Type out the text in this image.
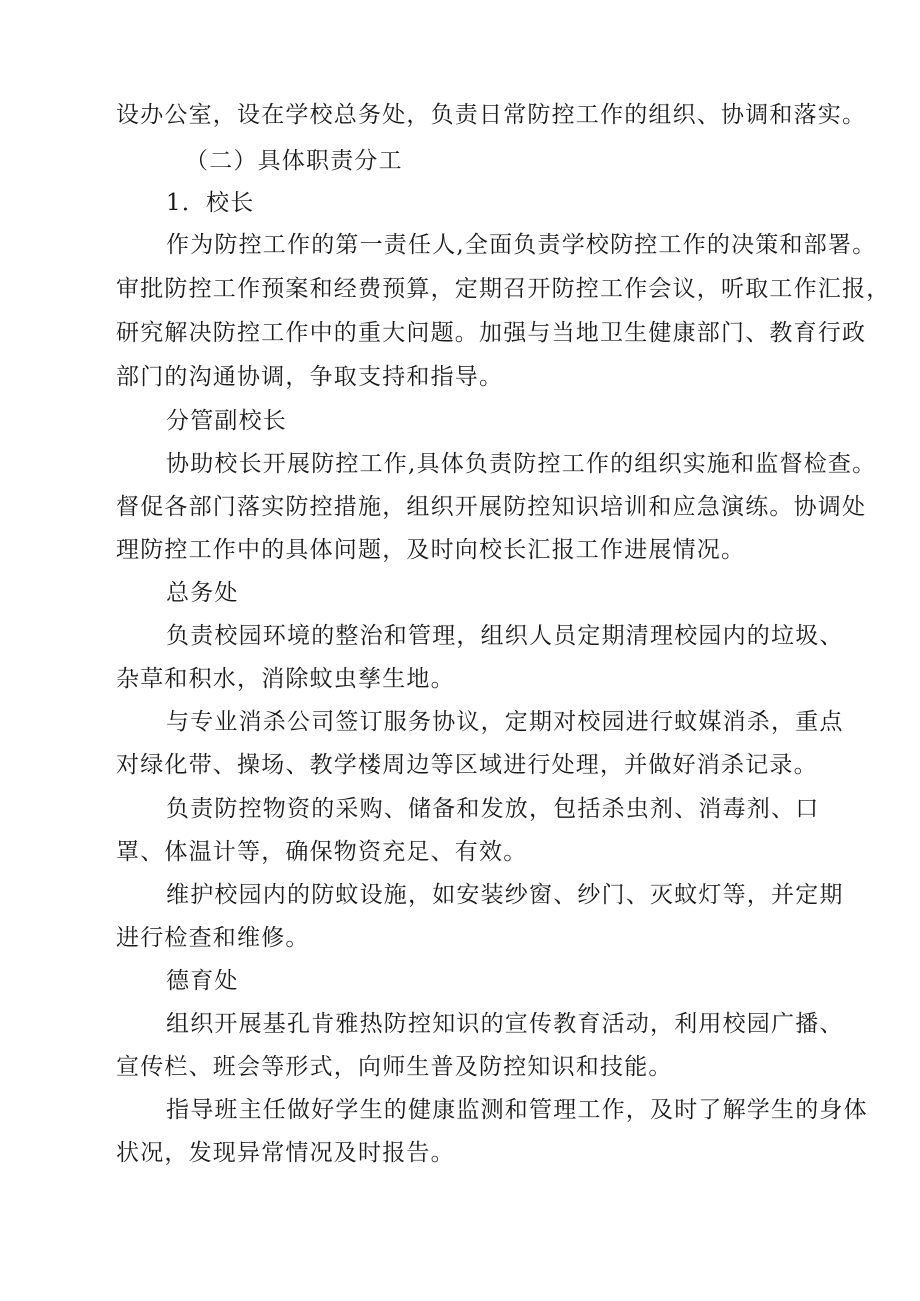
设办公室，设在学校总务处，负责日常防控工作的组织、协调和落实。
（二）具体职责分工
1．校长
作为防控工作的第一责任人,全面负责学校防控工作的决策和部署。
审批防控工作预案和经费预算，定期召开防控工作会议，听取工作汇报，
研究解决防控工作中的重大问题。加强与当地卫生健康部门、教育行政
部门的沟通协调，争取支持和指导。
分管副校长
协助校长开展防控工作,具体负责防控工作的组织实施和监督检查。
督促各部门落实防控措施，组织开展防控知识培训和应急演练。协调处
理防控工作中的具体问题，及时向校长汇报工作进展情况。
总务处
负责校园环境的整治和管理，组织人员定期清理校园内的垃圾、
杂草和积水，消除蚊虫孳生地。
与专业消杀公司签订服务协议，定期对校园进行蚊媒消杀，重点
对绿化带、操场、教学楼周边等区域进行处理，并做好消杀记录。
负责防控物资的采购、储备和发放，包括杀虫剂、消毒剂、口
罩、体温计等，确保物资充足、有效。
维护校园内的防蚊设施，如安装纱窗、纱门、灭蚊灯等，并定期
进行检查和维修。
德育处
组织开展基孔肯雅热防控知识的宣传教育活动，利用校园广播、
宣传栏、班会等形式，向师生普及防控知识和技能。
指导班主任做好学生的健康监测和管理工作，及时了解学生的身体
状况，发现异常情况及时报告。
